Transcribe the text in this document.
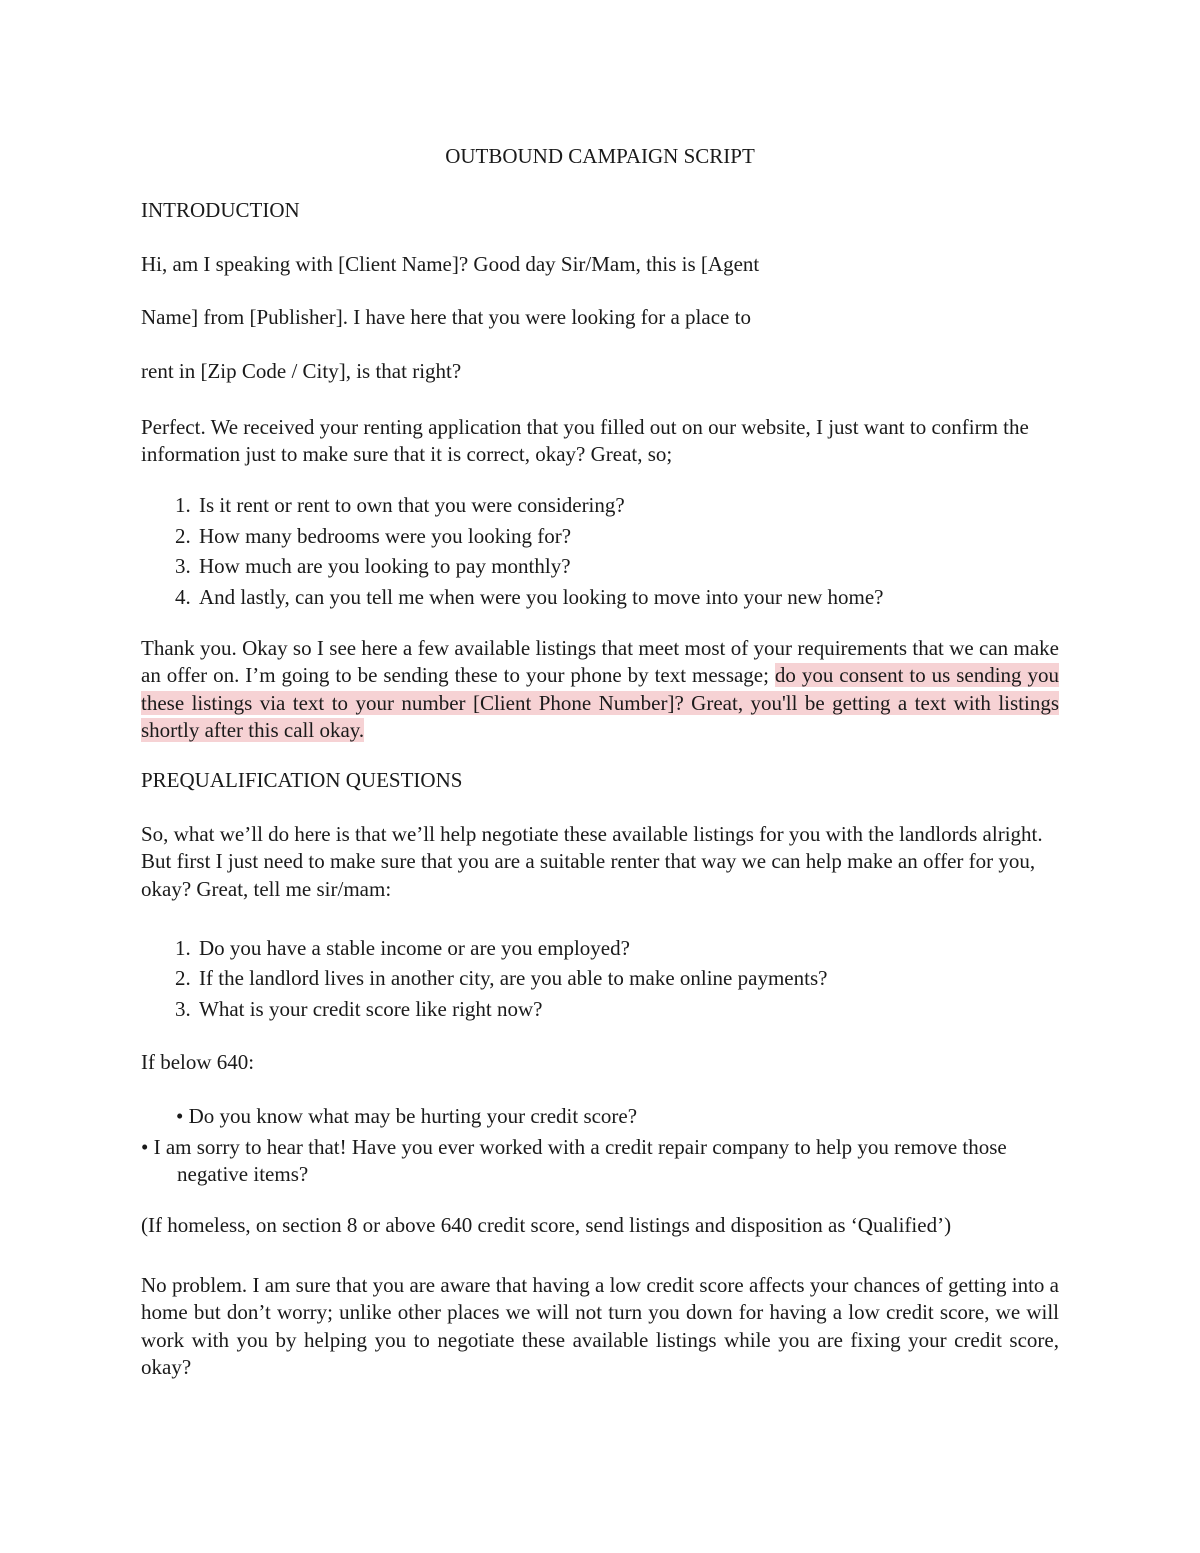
OUTBOUND CAMPAIGN SCRIPT

INTRODUCTION

Hi, am I speaking with [Client Name]? Good day Sir/Mam, this is [Agent

Name] from [Publisher]. I have here that you were looking for a place to

rent in [Zip Code / City], is that right?

Perfect. We received your renting application that you filled out on our website, I just want to confirm the information just to make sure that it is correct, okay? Great, so;

1. Is it rent or rent to own that you were considering?

2. How many bedrooms were you looking for?

3. How much are you looking to pay monthly?

4. And lastly, can you tell me when were you looking to move into your new home?

Thank you. Okay so I see here a few available listings that meet most of your requirements that we can make an offer on. I’m going to be sending these to your phone by text message; do you consent to us sending you these listings via text to your number [Client Phone Number]? Great, you'll be getting a text with listings shortly after this call okay.

PREQUALIFICATION QUESTIONS

So, what we’ll do here is that we’ll help negotiate these available listings for you with the landlords alright. But first I just need to make sure that you are a suitable renter that way we can help make an offer for you, okay? Great, tell me sir/mam:

1. Do you have a stable income or are you employed?

2. If the landlord lives in another city, are you able to make online payments?

3. What is your credit score like right now?

If below 640:

• Do you know what may be hurting your credit score?

• I am sorry to hear that! Have you ever worked with a credit repair company to help you remove those negative items?

(If homeless, on section 8 or above 640 credit score, send listings and disposition as ‘Qualified’)

No problem. I am sure that you are aware that having a low credit score affects your chances of getting into a home but don’t worry; unlike other places we will not turn you down for having a low credit score, we will work with you by helping you to negotiate these available listings while you are fixing your credit score, okay?
